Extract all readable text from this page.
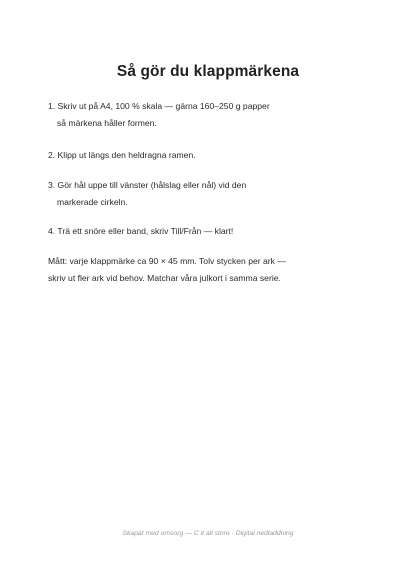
Så gör du klappmärkena
1. Skriv ut på A4, 100 % skala — gärna 160–250 g papper
så märkena håller formen.
2. Klipp ut längs den heldragna ramen.
3. Gör hål uppe till vänster (hålslag eller nål) vid den
markerade cirkeln.
4. Trä ett snöre eller band, skriv Till/Från — klart!
Mått: varje klappmärke ca 90 × 45 mm. Tolv stycken per ark —
skriv ut fler ark vid behov. Matchar våra julkort i samma serie.
Skapat med omsorg — C it all store · Digital nedladdning
